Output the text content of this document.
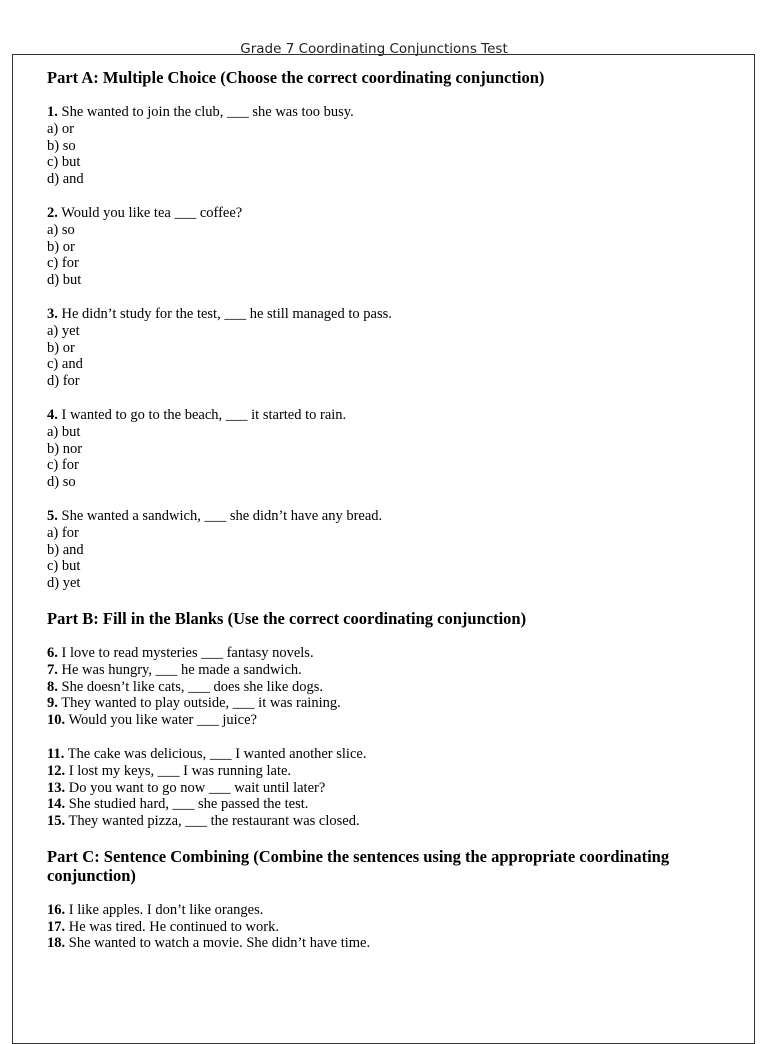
Grade 7 Coordinating Conjunctions Test
Part A: Multiple Choice (Choose the correct coordinating conjunction)
1. She wanted to join the club, ___ she was too busy.
a) or
b) so
c) but
d) and
2. Would you like tea ___ coffee?
a) so
b) or
c) for
d) but
3. He didn’t study for the test, ___ he still managed to pass.
a) yet
b) or
c) and
d) for
4. I wanted to go to the beach, ___ it started to rain.
a) but
b) nor
c) for
d) so
5. She wanted a sandwich, ___ she didn’t have any bread.
a) for
b) and
c) but
d) yet
Part B: Fill in the Blanks (Use the correct coordinating conjunction)
6. I love to read mysteries ___ fantasy novels.
7. He was hungry, ___ he made a sandwich.
8. She doesn’t like cats, ___ does she like dogs.
9. They wanted to play outside, ___ it was raining.
10. Would you like water ___ juice?
11. The cake was delicious, ___ I wanted another slice.
12. I lost my keys, ___ I was running late.
13. Do you want to go now ___ wait until later?
14. She studied hard, ___ she passed the test.
15. They wanted pizza, ___ the restaurant was closed.
Part C: Sentence Combining (Combine the sentences using the appropriate coordinating conjunction)
16. I like apples. I don’t like oranges.
17. He was tired. He continued to work.
18. She wanted to watch a movie. She didn’t have time.
